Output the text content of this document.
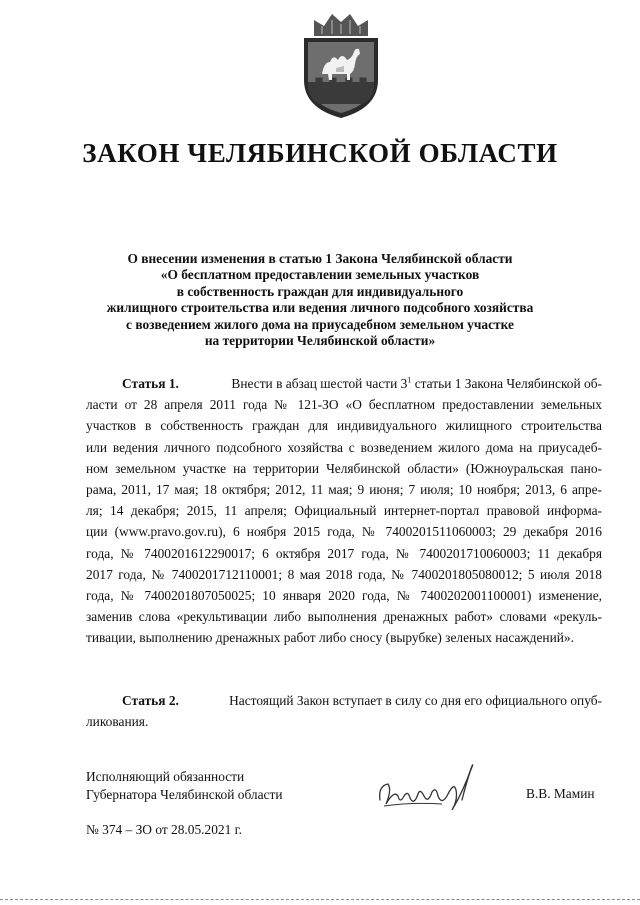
ЗАКОН ЧЕЛЯБИНСКОЙ ОБЛАСТИ
О внесении изменения в статью 1 Закона Челябинской области
«О бесплатном предоставлении земельных участков
в собственность граждан для индивидуального
жилищного строительства или ведения личного подсобного хозяйства
с возведением жилого дома на приусадебном земельном участке
на территории Челябинской области»
Статья 1.	Внести в абзац шестой части $3^1$ статьи 1 Закона Челябинской об-
ласти от 28 апреля 2011 года № 121-ЗО «О бесплатном предоставлении земельных
участков в собственность граждан для индивидуального жилищного строительства
или ведения личного подсобного хозяйства с возведением жилого дома на приусадеб-
ном земельном участке на территории Челябинской области» (Южноуральская пано-
рама, 2011, 17 мая; 18 октября; 2012, 11 мая; 9 июня; 7 июля; 10 ноября; 2013, 6 апре-
ля; 14 декабря; 2015, 11 апреля; Официальный интернет-портал правовой информа-
ции (www.pravo.gov.ru), 6 ноября 2015 года, № 7400201511060003; 29 декабря 2016
года, № 7400201612290017; 6 октября 2017 года, № 7400201710060003; 11 декабря
2017 года, № 7400201712110001; 8 мая 2018 года, № 7400201805080012; 5 июля 2018
года, № 7400201807050025; 10 января 2020 года, № 7400202001100001) изменение,
заменив слова «рекультивации либо выполнения дренажных работ» словами «рекуль-
тивации, выполнению дренажных работ либо сносу (вырубке) зеленых насаждений».
Статья 2.	Настоящий Закон вступает в силу со дня его официального опуб-
ликования.
Исполняющий обязанности
Губернатора Челябинской области	В.В. Мамин
№ 374 – ЗО от 28.05.2021 г.
